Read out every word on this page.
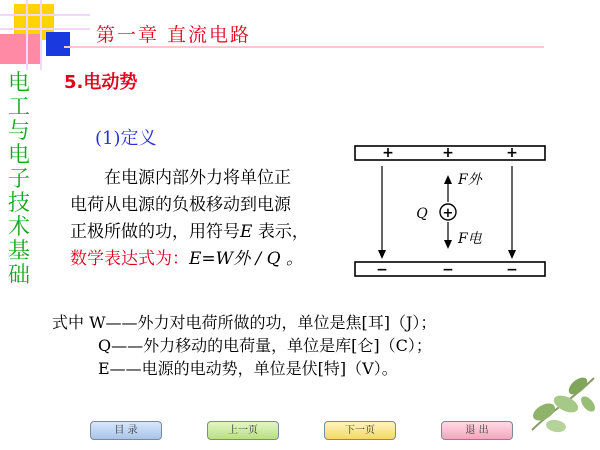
第一章 直流电路
电工与电子技术基础
5.电动势
(1)定义
在电源内部外力将单位正
电荷从电源的负极移动到电源
正极所做的功，用符号E 表示，
数学表达式为：E=W外 / Q 。
+	+	+
−	−	−
+
Q
F外
F电
式中 W——外力对电荷所做的功，单位是焦[耳]（J）；
Q——外力移动的电荷量，单位是库[仑]（C）；
E——电源的电动势，单位是伏[特]（V）。
目 录	上一页	下一页	退 出
